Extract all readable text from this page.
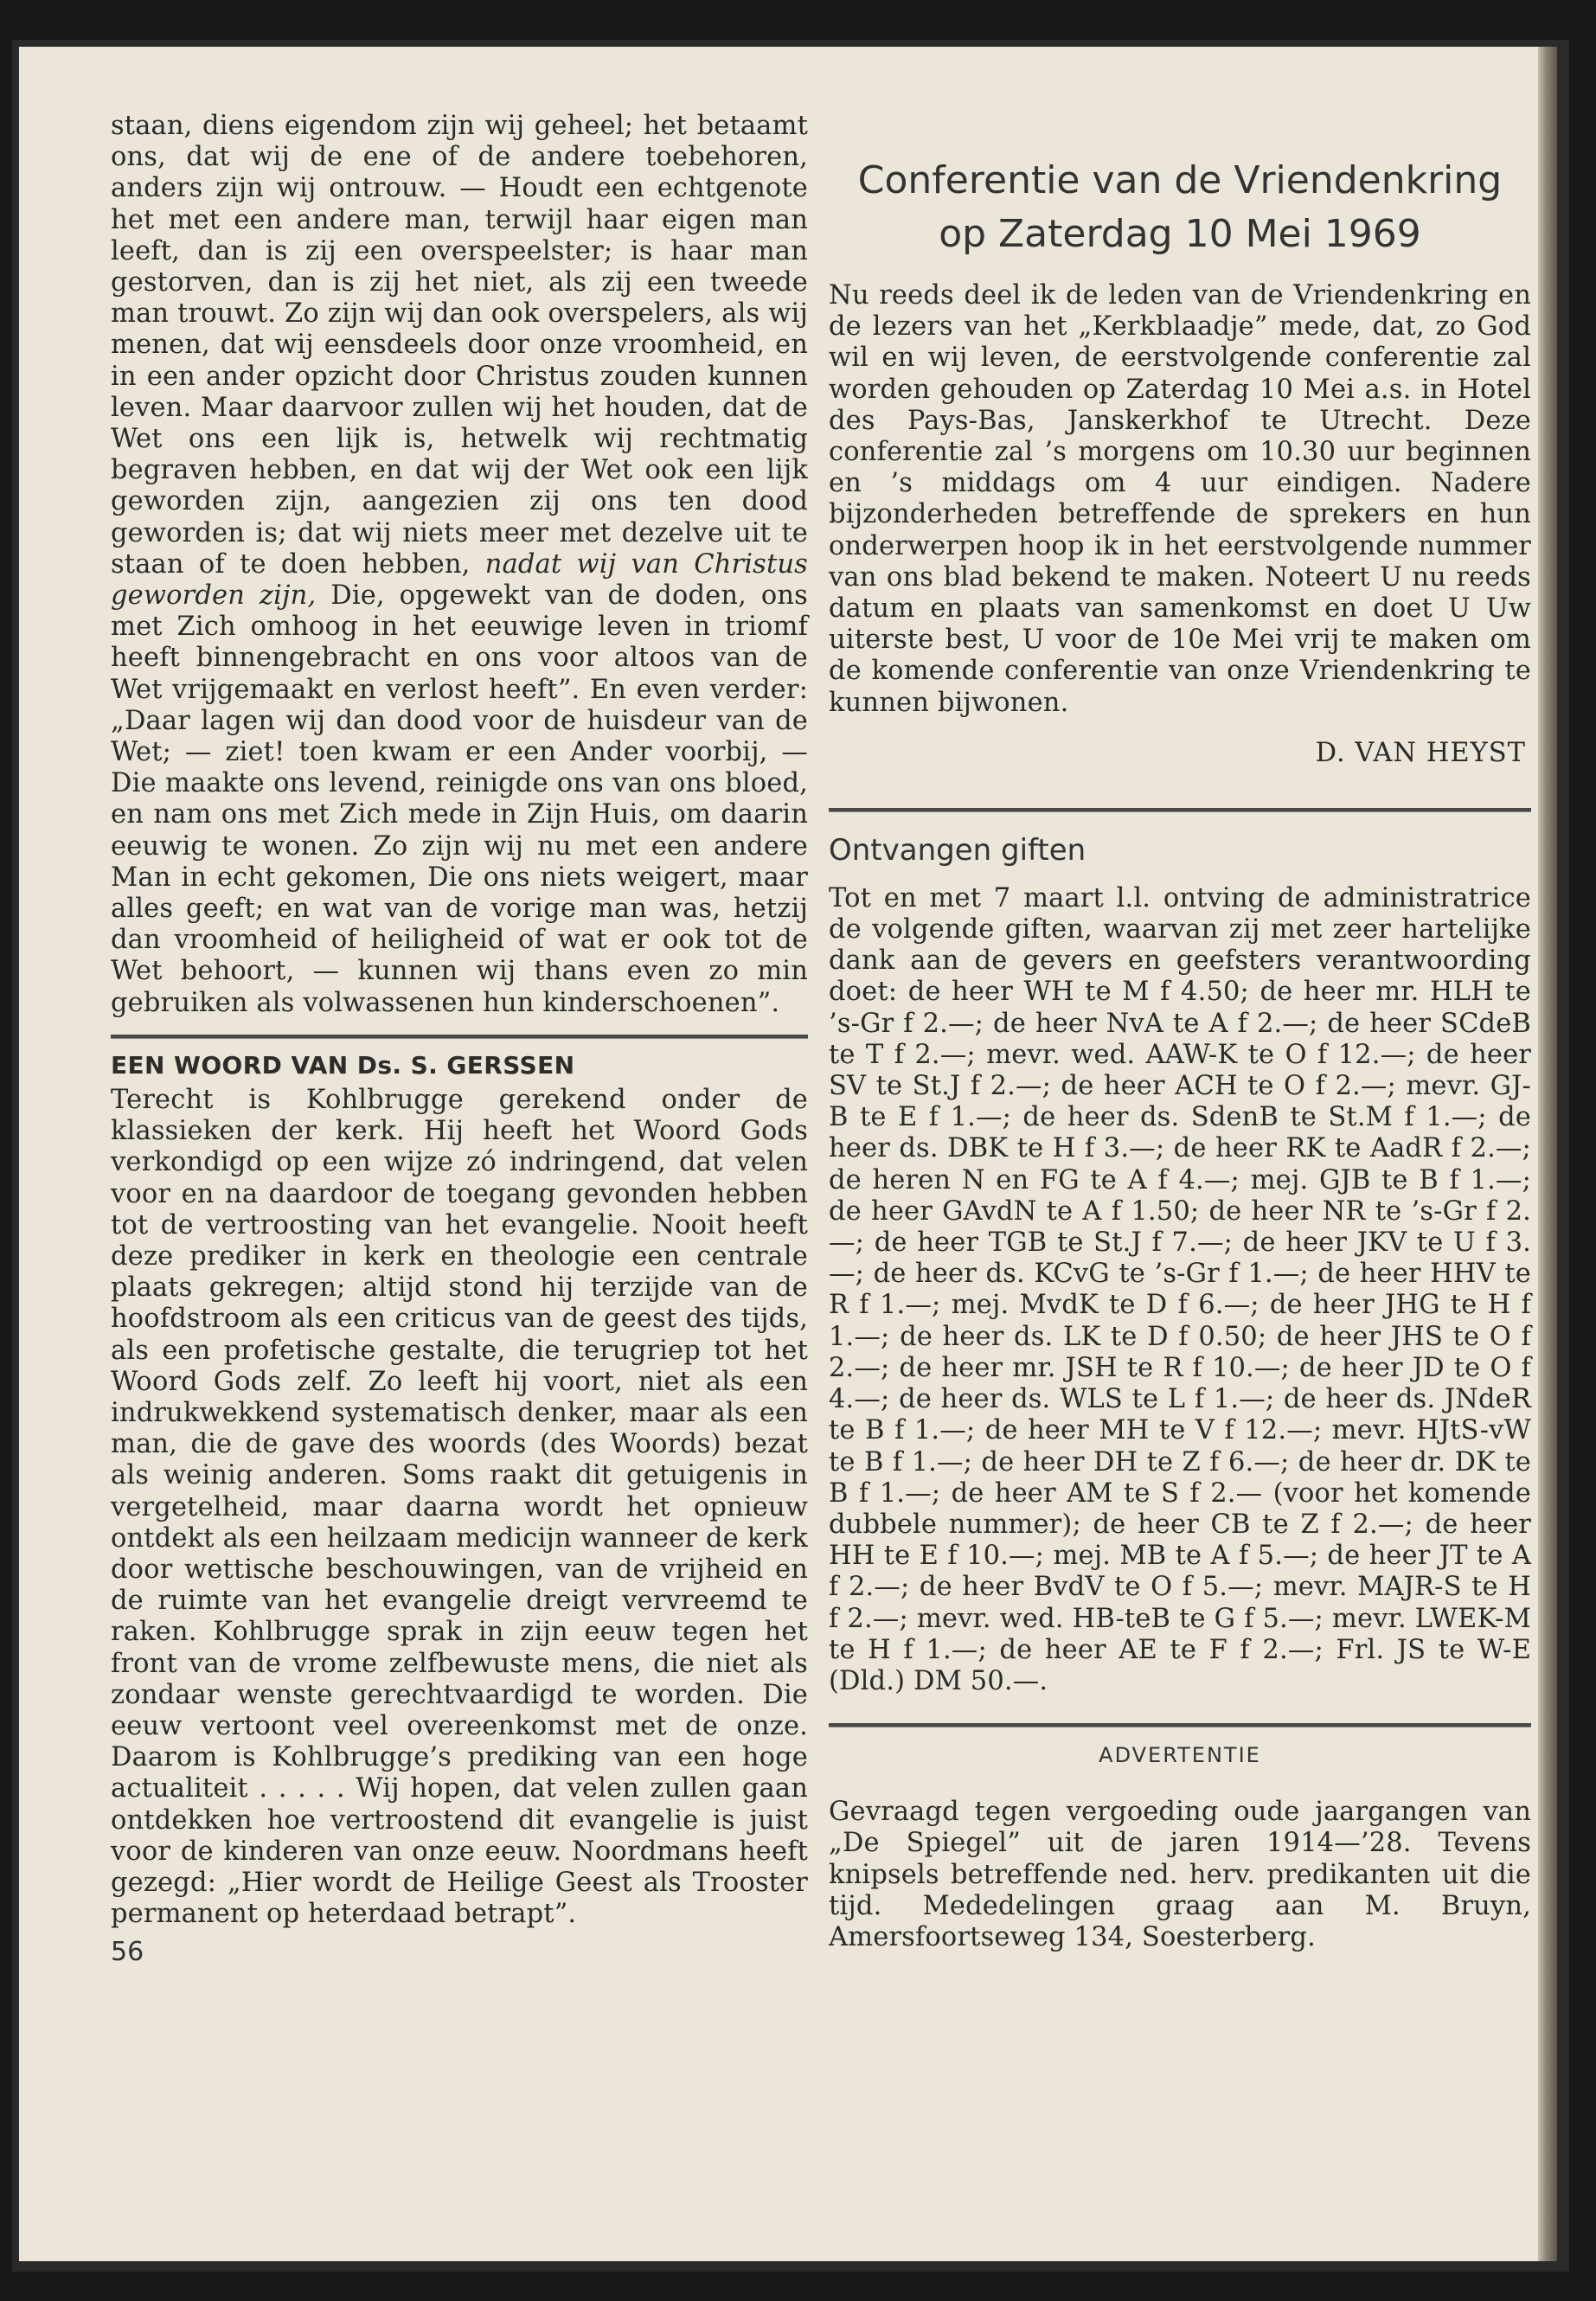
staan, diens eigendom zijn wij geheel; het betaamt ons, dat wij de ene of de andere toebehoren, anders zijn wij ontrouw. — Houdt een echtgenote het met een andere man, terwijl haar eigen man leeft, dan is zij een overspeelster; is haar man gestorven, dan is zij het niet, als zij een tweede man trouwt. Zo zijn wij dan ook overspelers, als wij menen, dat wij eensdeels door onze vroomheid, en in een ander opzicht door Christus zouden kunnen leven. Maar daarvoor zullen wij het houden, dat de Wet ons een lijk is, hetwelk wij rechtmatig begraven hebben, en dat wij der Wet ook een lijk geworden zijn, aangezien zij ons ten dood geworden is; dat wij niets meer met dezelve uit te staan of te doen hebben, nadat wij van Christus geworden zijn, Die, opgewekt van de doden, ons met Zich omhoog in het eeuwige leven in triomf heeft binnengebracht en ons voor altoos van de Wet vrijgemaakt en verlost heeft”. En even verder: „Daar lagen wij dan dood voor de huisdeur van de Wet; — ziet! toen kwam er een Ander voorbij, — Die maakte ons levend, reinigde ons van ons bloed, en nam ons met Zich mede in Zijn Huis, om daarin eeuwig te wonen. Zo zijn wij nu met een andere Man in echt gekomen, Die ons niets weigert, maar alles geeft; en wat van de vorige man was, hetzij dan vroomheid of heiligheid of wat er ook tot de Wet behoort, — kunnen wij thans even zo min gebruiken als volwassenen hun kinderschoenen”.

EEN WOORD VAN Ds. S. GERSSEN

Terecht is Kohlbrugge gerekend onder de klassieken der kerk. Hij heeft het Woord Gods verkondigd op een wijze zó indringend, dat velen voor en na daardoor de toegang gevonden hebben tot de vertroosting van het evangelie. Nooit heeft deze prediker in kerk en theologie een centrale plaats gekregen; altijd stond hij terzijde van de hoofdstroom als een criticus van de geest des tijds, als een profetische gestalte, die terugriep tot het Woord Gods zelf. Zo leeft hij voort, niet als een indrukwekkend systematisch denker, maar als een man, die de gave des woords (des Woords) bezat als weinig anderen. Soms raakt dit getuigenis in vergetelheid, maar daarna wordt het opnieuw ontdekt als een heilzaam medicijn wanneer de kerk door wettische beschouwingen, van de vrijheid en de ruimte van het evangelie dreigt vervreemd te raken. Kohlbrugge sprak in zijn eeuw tegen het front van de vrome zelfbewuste mens, die niet als zondaar wenste gerechtvaardigd te worden. Die eeuw vertoont veel overeenkomst met de onze. Daarom is Kohlbrugge’s prediking van een hoge actualiteit . . . . . Wij hopen, dat velen zullen gaan ontdekken hoe vertroostend dit evangelie is juist voor de kinderen van onze eeuw. Noordmans heeft gezegd: „Hier wordt de Heilige Geest als Trooster permanent op heterdaad betrapt”.

56
Conferentie van de Vriendenkring
op Zaterdag 10 Mei 1969

Nu reeds deel ik de leden van de Vriendenkring en de lezers van het „Kerkblaadje” mede, dat, zo God wil en wij leven, de eerstvolgende conferentie zal worden gehouden op Zaterdag 10 Mei a.s. in Hotel des Pays-Bas, Janskerkhof te Utrecht. Deze conferentie zal ’s morgens om 10.30 uur beginnen en ’s middags om 4 uur eindigen. Nadere bijzonderheden betreffende de sprekers en hun onderwerpen hoop ik in het eerstvolgende nummer van ons blad bekend te maken. Noteert U nu reeds datum en plaats van samenkomst en doet U Uw uiterste best, U voor de 10e Mei vrij te maken om de komende conferentie van onze Vriendenkring te kunnen bijwonen.

D. VAN HEYST
Ontvangen giften

Tot en met 7 maart l.l. ontving de administratrice de volgende giften, waarvan zij met zeer hartelijke dank aan de gevers en geefsters verantwoording doet: de heer WH te M f 4.50; de heer mr. HLH te ’s-Gr f 2.—; de heer NvA te A f 2.—; de heer SCdeB te T f 2.—; mevr. wed. AAW-K te O f 12.—; de heer SV te St.J f 2.—; de heer ACH te O f 2.—; mevr. GJ-B te E f 1.—; de heer ds. SdenB te St.M f 1.—; de heer ds. DBK te H f 3.—; de heer RK te AadR f 2.—; de heren N en FG te A f 4.—; mej. GJB te B f 1.—; de heer GAvdN te A f 1.50; de heer NR te ’s-Gr f 2.—; de heer TGB te St.J f 7.—; de heer JKV te U f 3.—; de heer ds. KCvG te ’s-Gr f 1.—; de heer HHV te R f 1.—; mej. MvdK te D f 6.—; de heer JHG te H f 1.—; de heer ds. LK te D f 0.50; de heer JHS te O f 2.—; de heer mr. JSH te R f 10.—; de heer JD te O f 4.—; de heer ds. WLS te L f 1.—; de heer ds. JNdeR te B f 1.—; de heer MH te V f 12.—; mevr. HJtS-vW te B f 1.—; de heer DH te Z f 6.—; de heer dr. DK te B f 1.—; de heer AM te S f 2.— (voor het komende dubbele nummer); de heer CB te Z f 2.—; de heer HH te E f 10.—; mej. MB te A f 5.—; de heer JT te A f 2.—; de heer BvdV te O f 5.—; mevr. MAJR-S te H f 2.—; mevr. wed. HB-teB te G f 5.—; mevr. LWEK-M te H f 1.—; de heer AE te F f 2.—; Frl. JS te W-E (Dld.) DM 50.—.

ADVERTENTIE

Gevraagd tegen vergoeding oude jaargangen van „De Spiegel” uit de jaren 1914—’28. Tevens knipsels betreffende ned. herv. predikanten uit die tijd. Mededelingen graag aan M. Bruyn, Amersfoortseweg 134, Soesterberg.
